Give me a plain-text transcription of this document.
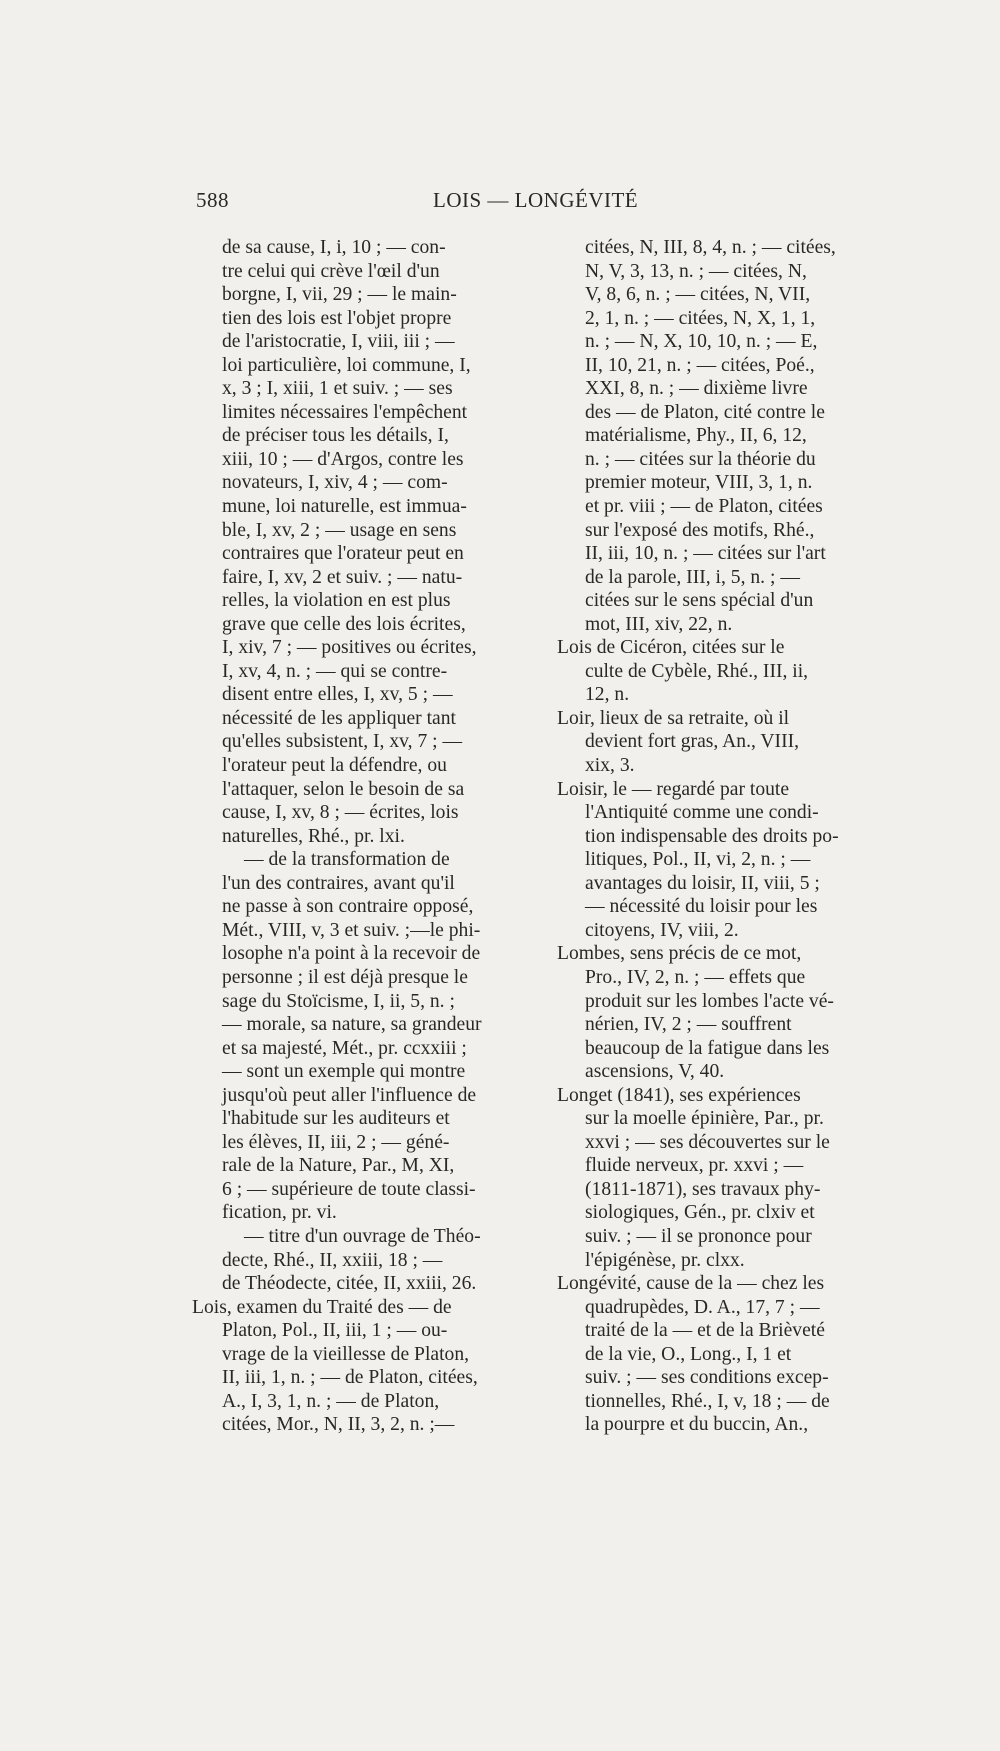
588	LOIS — LONGÉVITÉ
de sa cause, I, i, 10 ; — con-
tre celui qui crève l'œil d'un
borgne, I, vii, 29 ; — le main-
tien des lois est l'objet propre
de l'aristocratie, I, viii, iii ; —
loi particulière, loi commune, I,
x, 3 ; I, xiii, 1 et suiv. ; — ses
limites nécessaires l'empêchent
de préciser tous les détails, I,
xiii, 10 ; — d'Argos, contre les
novateurs, I, xiv, 4 ; — com-
mune, loi naturelle, est immua-
ble, I, xv, 2 ; — usage en sens
contraires que l'orateur peut en
faire, I, xv, 2 et suiv. ; — natu-
relles, la violation en est plus
grave que celle des lois écrites,
I, xiv, 7 ; — positives ou écrites,
I, xv, 4, n. ; — qui se contre-
disent entre elles, I, xv, 5 ; —
nécessité de les appliquer tant
qu'elles subsistent, I, xv, 7 ; —
l'orateur peut la défendre, ou
l'attaquer, selon le besoin de sa
cause, I, xv, 8 ; — écrites, lois
naturelles, Rhé., pr. lxi.
— de la transformation de
l'un des contraires, avant qu'il
ne passe à son contraire opposé,
Mét., VIII, v, 3 et suiv. ;—le phi-
losophe n'a point à la recevoir de
personne ; il est déjà presque le
sage du Stoïcisme, I, ii, 5, n. ;
— morale, sa nature, sa grandeur
et sa majesté, Mét., pr. ccxxiii ;
— sont un exemple qui montre
jusqu'où peut aller l'influence de
l'habitude sur les auditeurs et
les élèves, II, iii, 2 ; — géné-
rale de la Nature, Par., M, XI,
6 ; — supérieure de toute classi-
fication, pr. vi.
— titre d'un ouvrage de Théo-
decte, Rhé., II, xxiii, 18 ; —
de Théodecte, citée, II, xxiii, 26.
Lois, examen du Traité des — de
Platon, Pol., II, iii, 1 ; — ou-
vrage de la vieillesse de Platon,
II, iii, 1, n. ; — de Platon, citées,
A., I, 3, 1, n. ; — de Platon,
citées, Mor., N, II, 3, 2, n. ;—
citées, N, III, 8, 4, n. ; — citées,
N, V, 3, 13, n. ; — citées, N,
V, 8, 6, n. ; — citées, N, VII,
2, 1, n. ; — citées, N, X, 1, 1,
n. ; — N, X, 10, 10, n. ; — E,
II, 10, 21, n. ; — citées, Poé.,
XXI, 8, n. ; — dixième livre
des — de Platon, cité contre le
matérialisme, Phy., II, 6, 12,
n. ; — citées sur la théorie du
premier moteur, VIII, 3, 1, n.
et pr. viii ; — de Platon, citées
sur l'exposé des motifs, Rhé.,
II, iii, 10, n. ; — citées sur l'art
de la parole, III, i, 5, n. ; —
citées sur le sens spécial d'un
mot, III, xiv, 22, n.
Lois de Cicéron, citées sur le
culte de Cybèle, Rhé., III, ii,
12, n.
Loir, lieux de sa retraite, où il
devient fort gras, An., VIII,
xix, 3.
Loisir, le — regardé par toute
l'Antiquité comme une condi-
tion indispensable des droits po-
litiques, Pol., II, vi, 2, n. ; —
avantages du loisir, II, viii, 5 ;
— nécessité du loisir pour les
citoyens, IV, viii, 2.
Lombes, sens précis de ce mot,
Pro., IV, 2, n. ; — effets que
produit sur les lombes l'acte vé-
nérien, IV, 2 ; — souffrent
beaucoup de la fatigue dans les
ascensions, V, 40.
Longet (1841), ses expériences
sur la moelle épinière, Par., pr.
xxvi ; — ses découvertes sur le
fluide nerveux, pr. xxvi ; —
(1811-1871), ses travaux phy-
siologiques, Gén., pr. clxiv et
suiv. ; — il se prononce pour
l'épigénèse, pr. clxx.
Longévité, cause de la — chez les
quadrupèdes, D. A., 17, 7 ; —
traité de la — et de la Brièveté
de la vie, O., Long., I, 1 et
suiv. ; — ses conditions excep-
tionnelles, Rhé., I, v, 18 ; — de
la pourpre et du buccin, An.,
